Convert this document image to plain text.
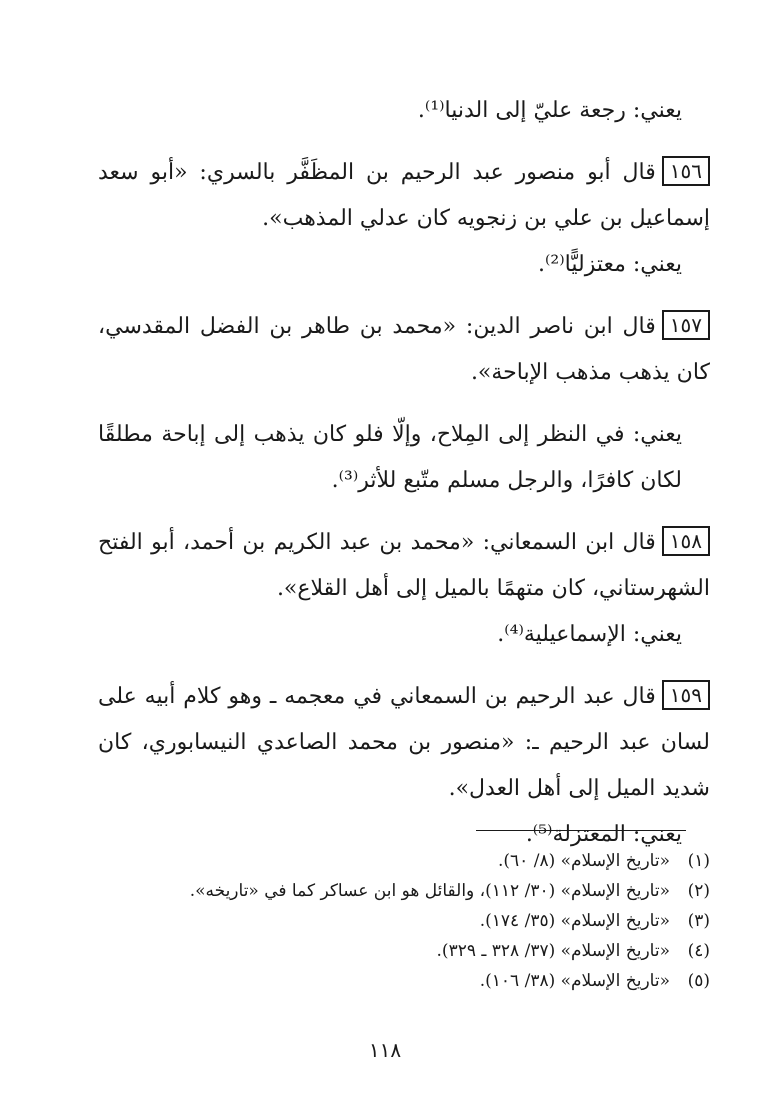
يعني: رجعة عليّ إلى الدنيا⁽¹⁾.

١٥٦قال أبو منصور عبد الرحيم بن المظَفَّر بالسري: «أبو سعد إسماعيل بن علي بن زنجويه كان عدلي المذهب».

يعني: معتزليًّا⁽²⁾.

١٥٧قال ابن ناصر الدين: «محمد بن طاهر بن الفضل المقدسي، كان يذهب مذهب الإباحة».

يعني: في النظر إلى المِلاح، وإلّا فلو كان يذهب إلى إباحة مطلقًا لكان كافرًا، والرجل مسلم متّبع للأثر⁽³⁾.

١٥٨قال ابن السمعاني: «محمد بن عبد الكريم بن أحمد، أبو الفتح الشهرستاني، كان متهمًا بالميل إلى أهل القلاع».

يعني: الإسماعيلية⁽⁴⁾.

١٥٩قال عبد الرحيم بن السمعاني في معجمه ـ وهو كلام أبيه على لسان عبد الرحيم ـ: «منصور بن محمد الصاعدي النيسابوري، كان شديد الميل إلى أهل العدل».

يعني: المعتزلة⁽⁵⁾.

(١)«تاريخ الإسلام» (٨/ ٦٠).

(٢)«تاريخ الإسلام» (٣٠/ ١١٢)، والقائل هو ابن عساكر كما في «تاريخه».

(٣)«تاريخ الإسلام» (٣٥/ ١٧٤).

(٤)«تاريخ الإسلام» (٣٧/ ٣٢٨ ـ ٣٢٩).

(٥)«تاريخ الإسلام» (٣٨/ ١٠٦).

١١٨
